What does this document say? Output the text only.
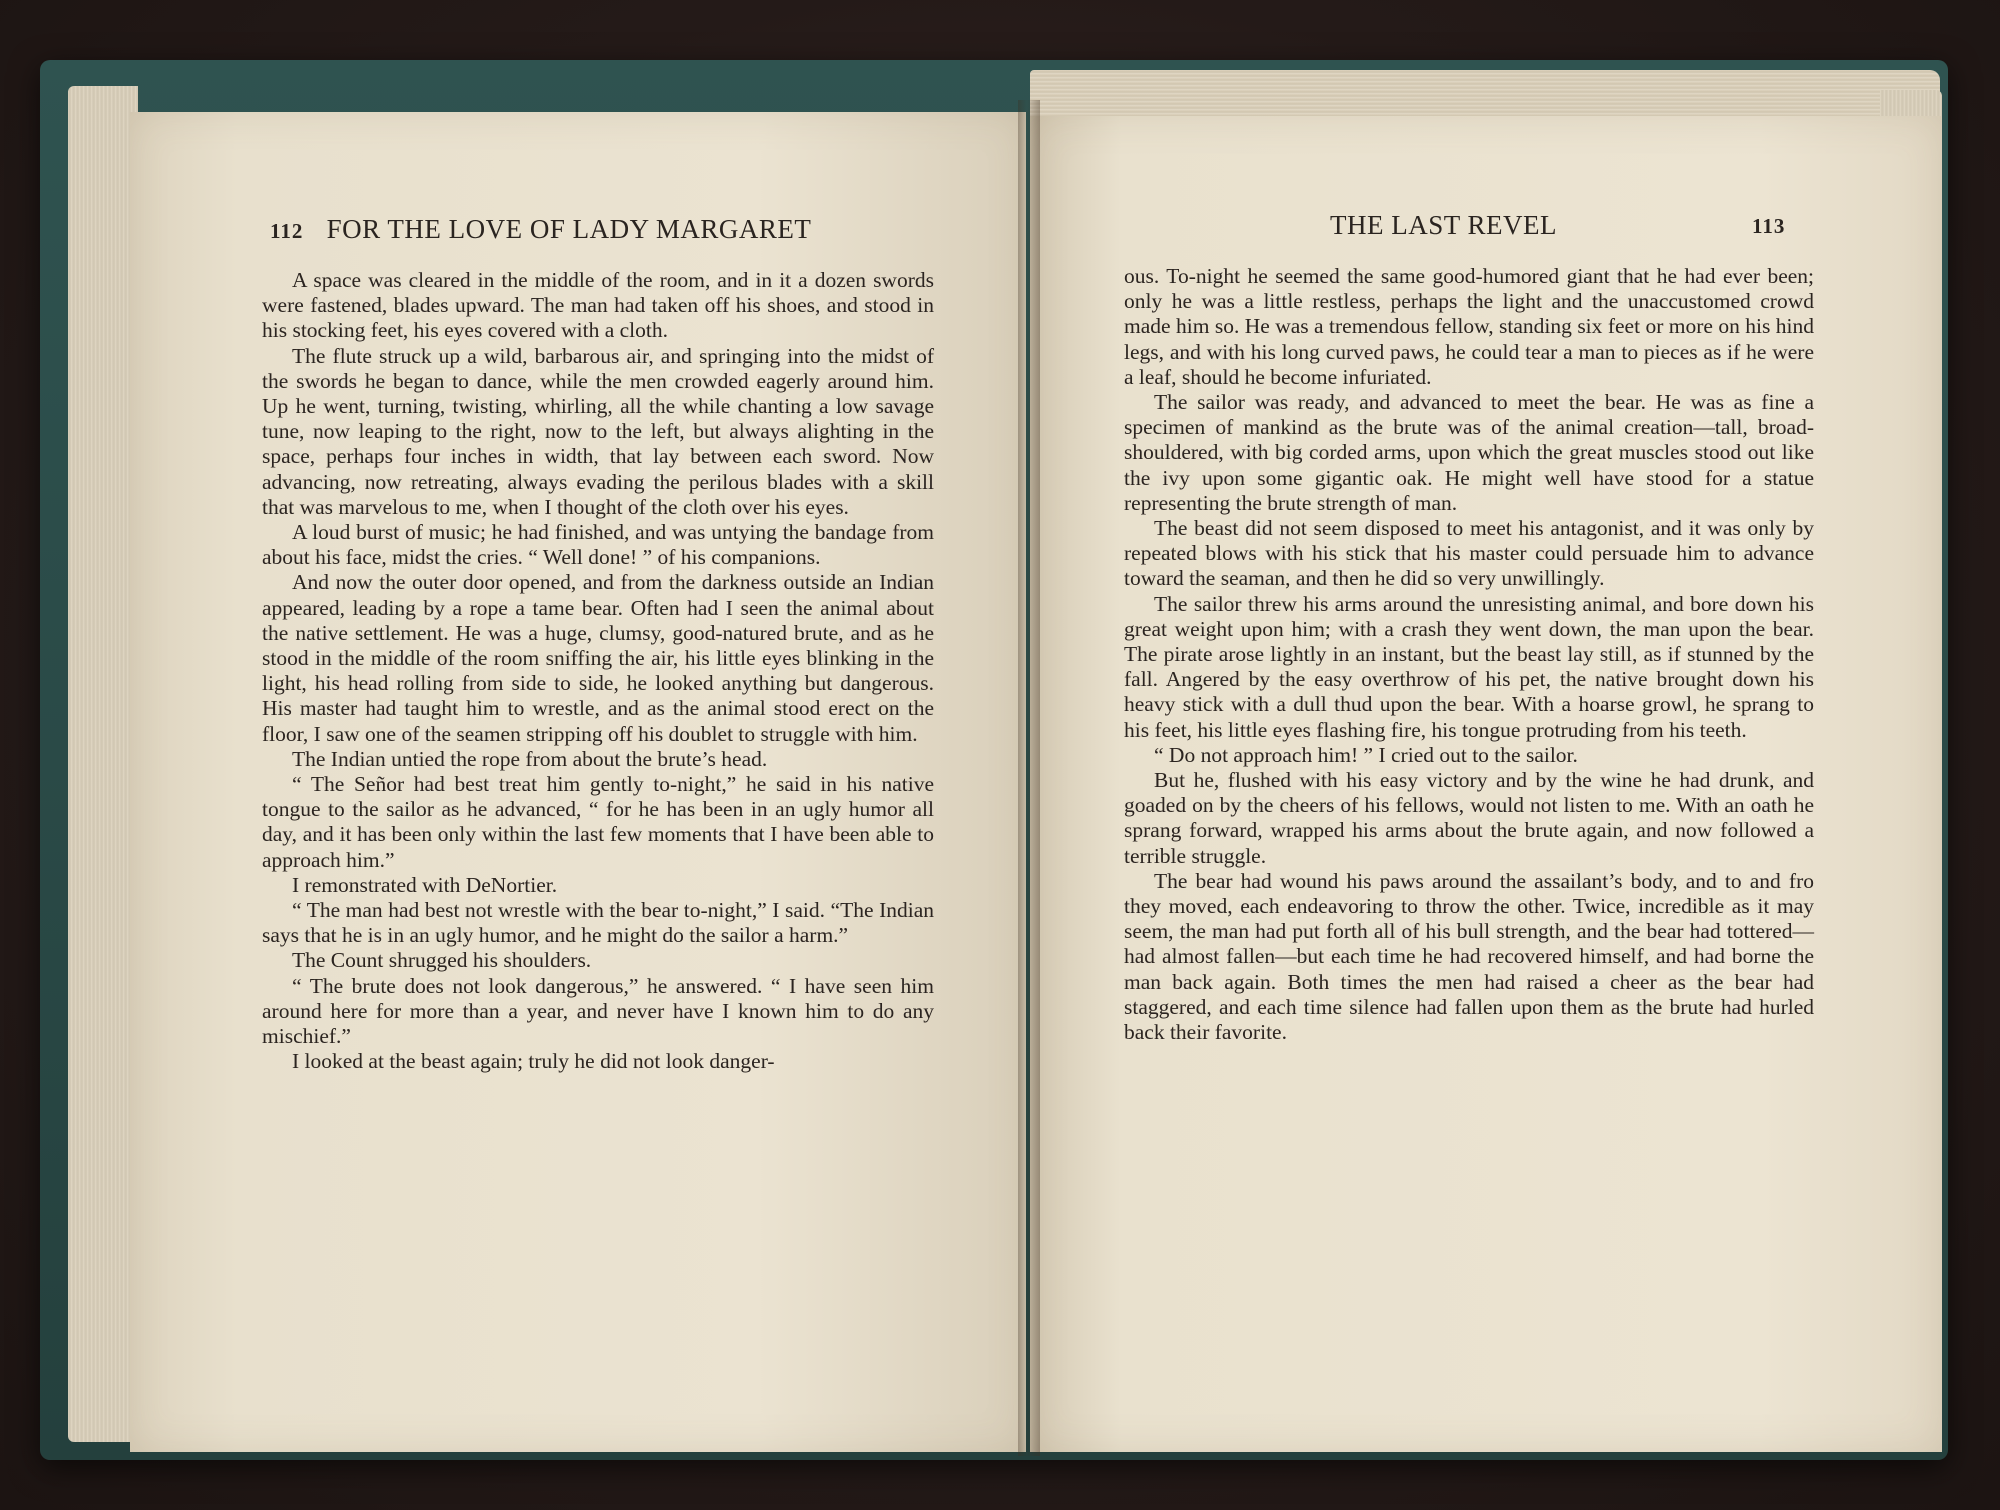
112 FOR THE LOVE OF LADY MARGARET

A space was cleared in the middle of the room, and in it a dozen swords were fastened, blades upward. The man had taken off his shoes, and stood in his stocking feet, his eyes covered with a cloth.

The flute struck up a wild, barbarous air, and springing into the midst of the swords he began to dance, while the men crowded eagerly around him. Up he went, turning, twisting, whirling, all the while chanting a low savage tune, now leaping to the right, now to the left, but always alighting in the space, perhaps four inches in width, that lay between each sword. Now advancing, now retreating, always evading the perilous blades with a skill that was marvelous to me, when I thought of the cloth over his eyes.

A loud burst of music; he had finished, and was untying the bandage from about his face, midst the cries. “ Well done! ” of his companions.

And now the outer door opened, and from the darkness outside an Indian appeared, leading by a rope a tame bear. Often had I seen the animal about the native settlement. He was a huge, clumsy, good-natured brute, and as he stood in the middle of the room sniffing the air, his little eyes blinking in the light, his head rolling from side to side, he looked anything but dangerous. His master had taught him to wrestle, and as the animal stood erect on the floor, I saw one of the seamen stripping off his doublet to struggle with him.

The Indian untied the rope from about the brute’s head.

“ The Señor had best treat him gently to-night,” he said in his native tongue to the sailor as he advanced, “ for he has been in an ugly humor all day, and it has been only within the last few moments that I have been able to approach him.”

I remonstrated with DeNortier.

“ The man had best not wrestle with the bear to-night,” I said. “The Indian says that he is in an ugly humor, and he might do the sailor a harm.”

The Count shrugged his shoulders.

“ The brute does not look dangerous,” he answered. “ I have seen him around here for more than a year, and never have I known him to do any mischief.”

I looked at the beast again; truly he did not look danger-

THE LAST REVEL	113

ous. To-night he seemed the same good-humored giant that he had ever been; only he was a little restless, perhaps the light and the unaccustomed crowd made him so. He was a tremendous fellow, standing six feet or more on his hind legs, and with his long curved paws, he could tear a man to pieces as if he were a leaf, should he become infuriated.

The sailor was ready, and advanced to meet the bear. He was as fine a specimen of mankind as the brute was of the animal creation—tall, broad-shouldered, with big corded arms, upon which the great muscles stood out like the ivy upon some gigantic oak. He might well have stood for a statue representing the brute strength of man.

The beast did not seem disposed to meet his antagonist, and it was only by repeated blows with his stick that his master could persuade him to advance toward the seaman, and then he did so very unwillingly.

The sailor threw his arms around the unresisting animal, and bore down his great weight upon him; with a crash they went down, the man upon the bear. The pirate arose lightly in an instant, but the beast lay still, as if stunned by the fall. Angered by the easy overthrow of his pet, the native brought down his heavy stick with a dull thud upon the bear. With a hoarse growl, he sprang to his feet, his little eyes flashing fire, his tongue protruding from his teeth.

“ Do not approach him! ” I cried out to the sailor.

But he, flushed with his easy victory and by the wine he had drunk, and goaded on by the cheers of his fellows, would not listen to me. With an oath he sprang forward, wrapped his arms about the brute again, and now followed a terrible struggle.

The bear had wound his paws around the assailant’s body, and to and fro they moved, each endeavoring to throw the other. Twice, incredible as it may seem, the man had put forth all of his bull strength, and the bear had tottered—had almost fallen—but each time he had recovered himself, and had borne the man back again. Both times the men had raised a cheer as the bear had staggered, and each time silence had fallen upon them as the brute had hurled back their favorite.
